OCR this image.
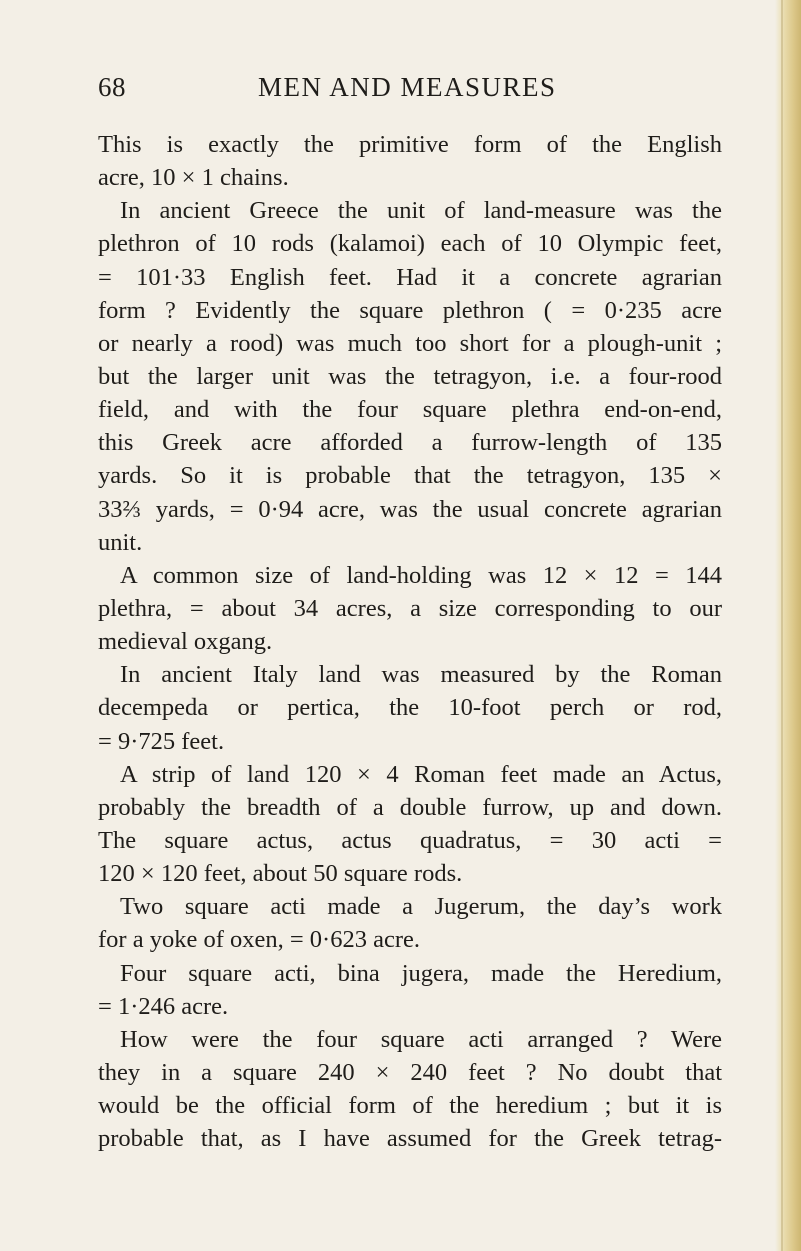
68	MEN AND MEASURES
This is exactly the primitive form of the English
acre, 10 × 1 chains.
In ancient Greece the unit of land-measure was the
plethron of 10 rods (kalamoi) each of 10 Olympic feet,
= 101·33 English feet. Had it a concrete agrarian
form ? Evidently the square plethron ( = 0·235 acre
or nearly a rood) was much too short for a plough-unit ;
but the larger unit was the tetragyon, i.e. a four-rood
field, and with the four square plethra end-on-end,
this Greek acre afforded a furrow-length of 135
yards. So it is probable that the tetragyon, 135 ×
33⅔ yards, = 0·94 acre, was the usual concrete agrarian
unit.
A common size of land-holding was 12 × 12 = 144
plethra, = about 34 acres, a size corresponding to our
medieval oxgang.
In ancient Italy land was measured by the Roman
decempeda or pertica, the 10-foot perch or rod,
= 9·725 feet.
A strip of land 120 × 4 Roman feet made an Actus,
probably the breadth of a double furrow, up and down.
The square actus, actus quadratus, = 30 acti =
120 × 120 feet, about 50 square rods.
Two square acti made a Jugerum, the day’s work
for a yoke of oxen, = 0·623 acre.
Four square acti, bina jugera, made the Heredium,
= 1·246 acre.
How were the four square acti arranged ? Were
they in a square 240 × 240 feet ? No doubt that
would be the official form of the heredium ; but it is
probable that, as I have assumed for the Greek tetrag-
